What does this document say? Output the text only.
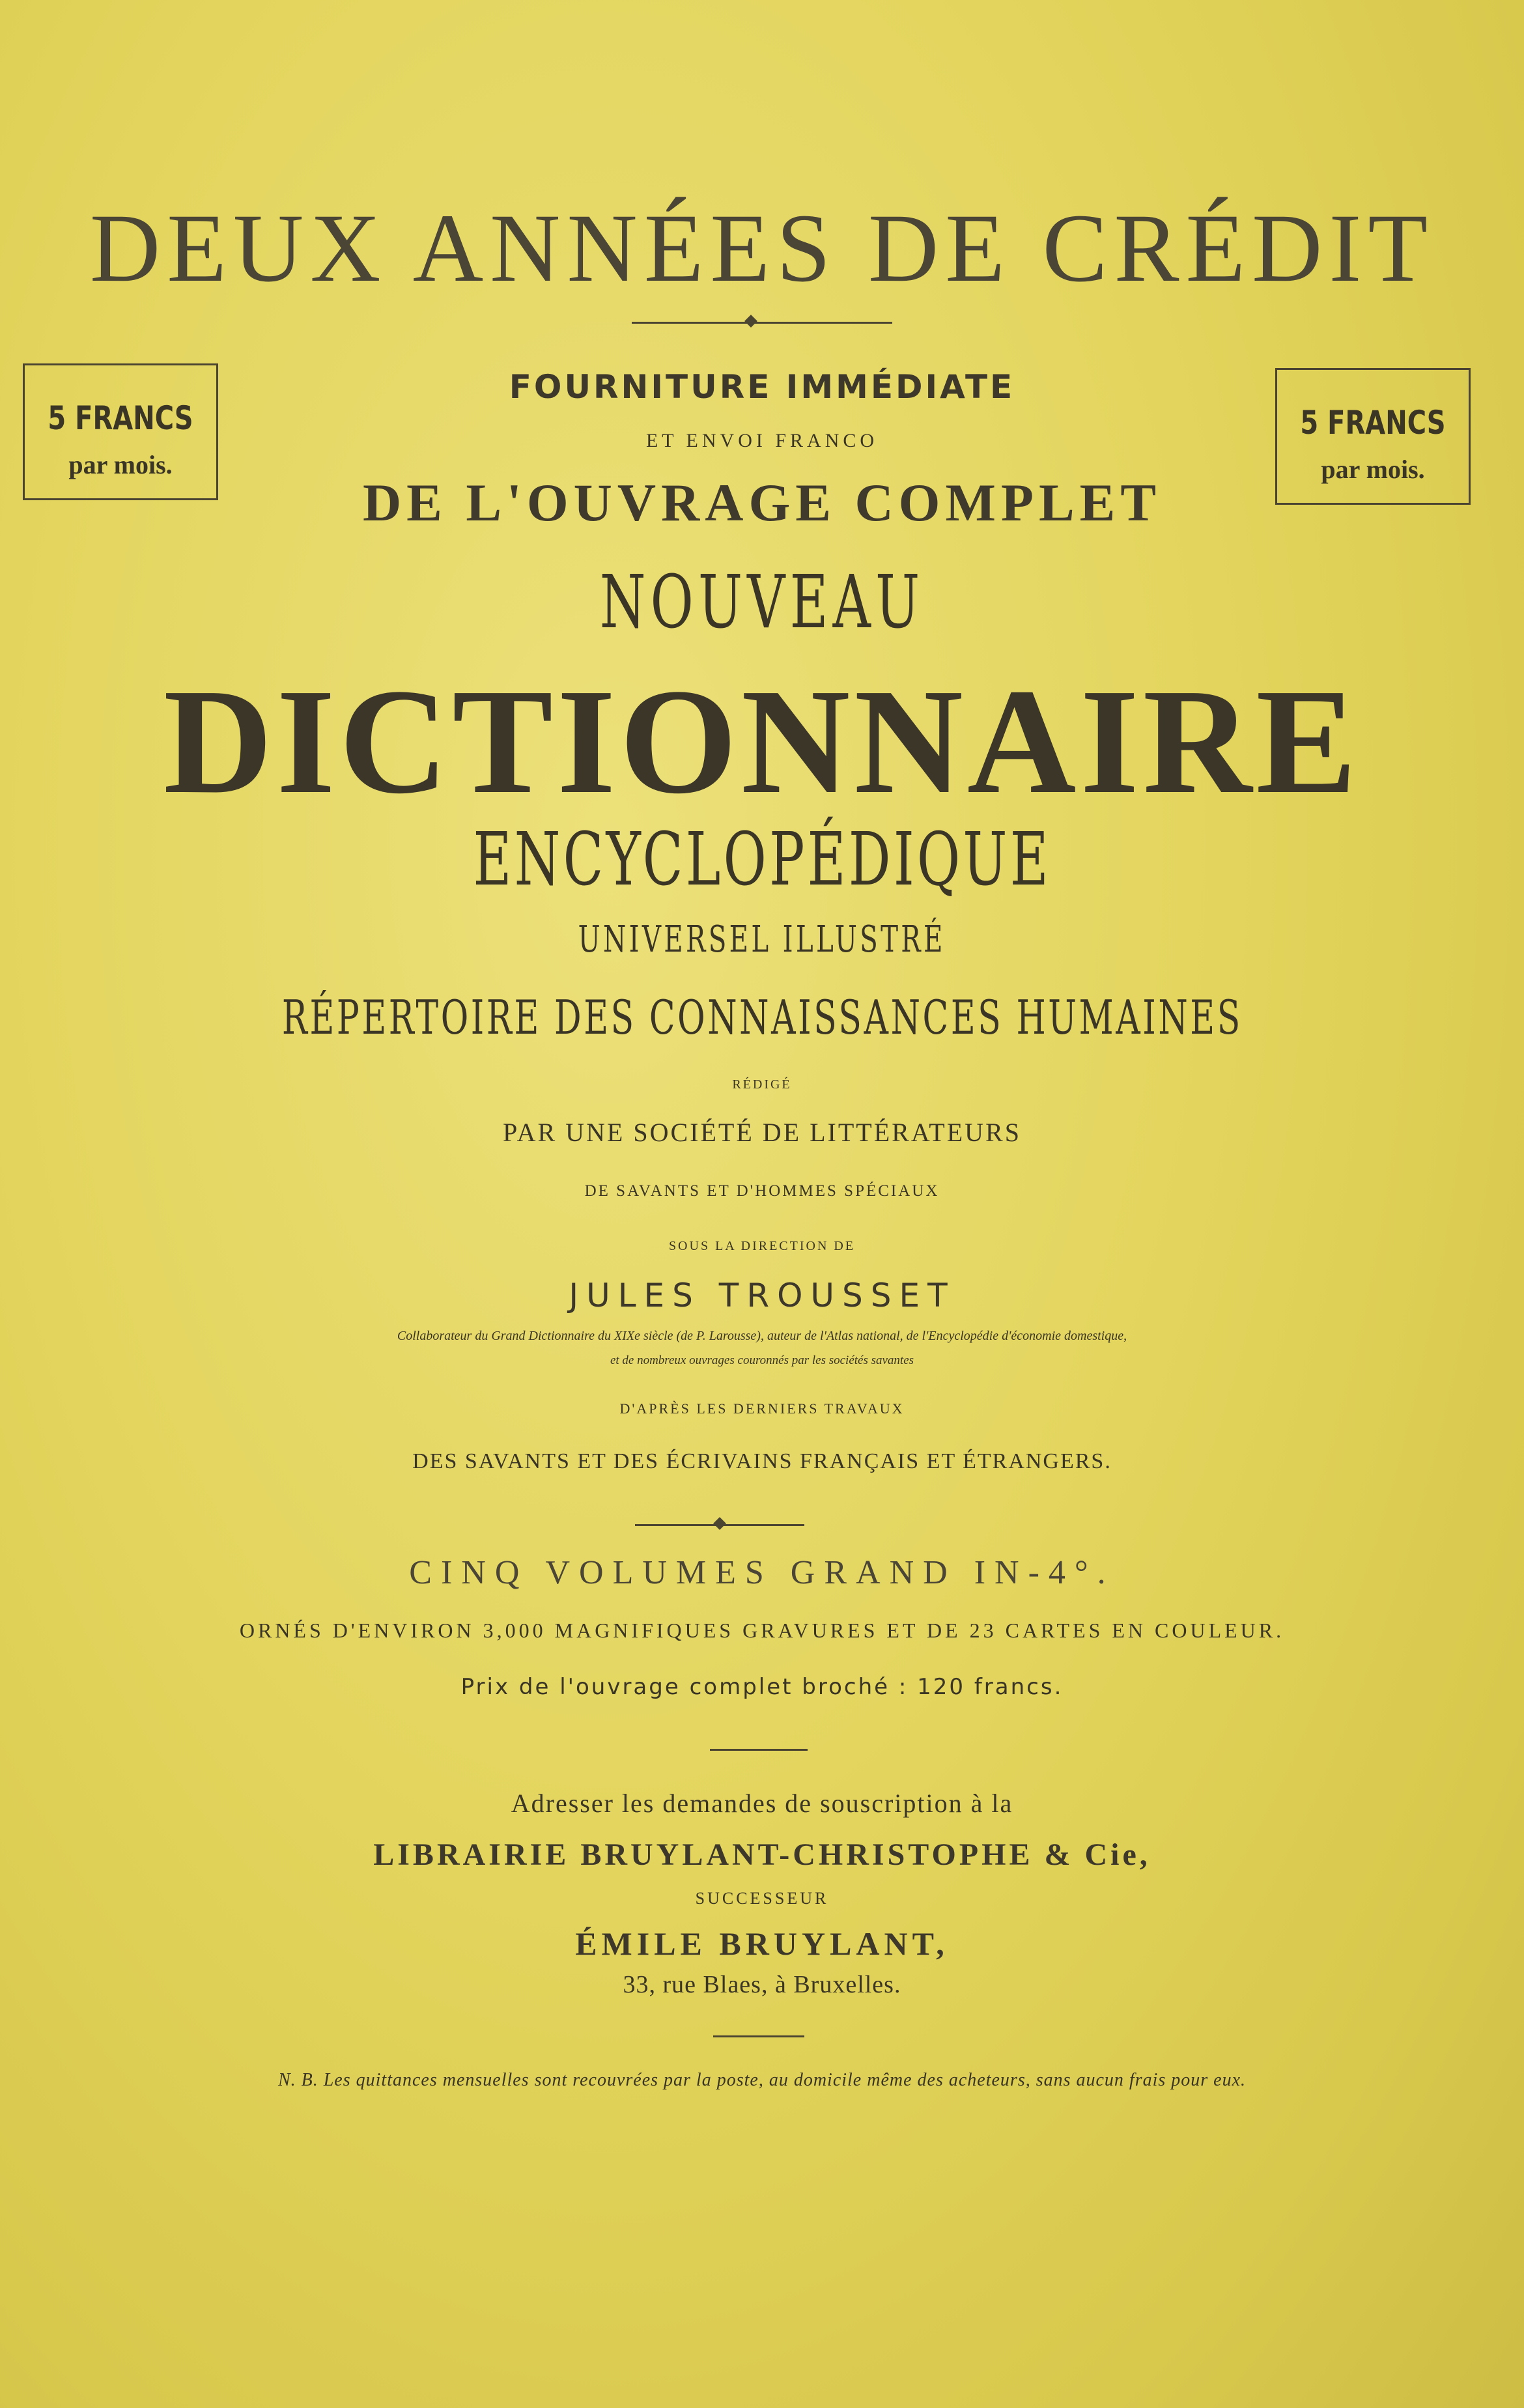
DEUX ANNÉES DE CRÉDIT
5 FRANCS
par mois.
5 FRANCS
par mois.
FOURNITURE IMMÉDIATE
ET ENVOI FRANCO
DE L'OUVRAGE COMPLET
NOUVEAU
DICTIONNAIRE
ENCYCLOPÉDIQUE
UNIVERSEL ILLUSTRÉ
RÉPERTOIRE DES CONNAISSANCES HUMAINES
RÉDIGÉ
PAR UNE SOCIÉTÉ DE LITTÉRATEURS
DE SAVANTS ET D'HOMMES SPÉCIAUX
SOUS LA DIRECTION DE
JULES TROUSSET
Collaborateur du Grand Dictionnaire du XIXe siècle (de P. Larousse), auteur de l'Atlas national, de l'Encyclopédie d'économie domestique,
et de nombreux ouvrages couronnés par les sociétés savantes
D'APRÈS LES DERNIERS TRAVAUX
DES SAVANTS ET DES ÉCRIVAINS FRANÇAIS ET ÉTRANGERS.
CINQ VOLUMES GRAND IN-4°.
ORNÉS D'ENVIRON 3,000 MAGNIFIQUES GRAVURES ET DE 23 CARTES EN COULEUR.
Prix de l'ouvrage complet broché : 120 francs.
Adresser les demandes de souscription à la
LIBRAIRIE BRUYLANT-CHRISTOPHE & Cie,
SUCCESSEUR
ÉMILE BRUYLANT,
33, rue Blaes, à Bruxelles.
N. B. Les quittances mensuelles sont recouvrées par la poste, au domicile même des acheteurs, sans aucun frais pour eux.
